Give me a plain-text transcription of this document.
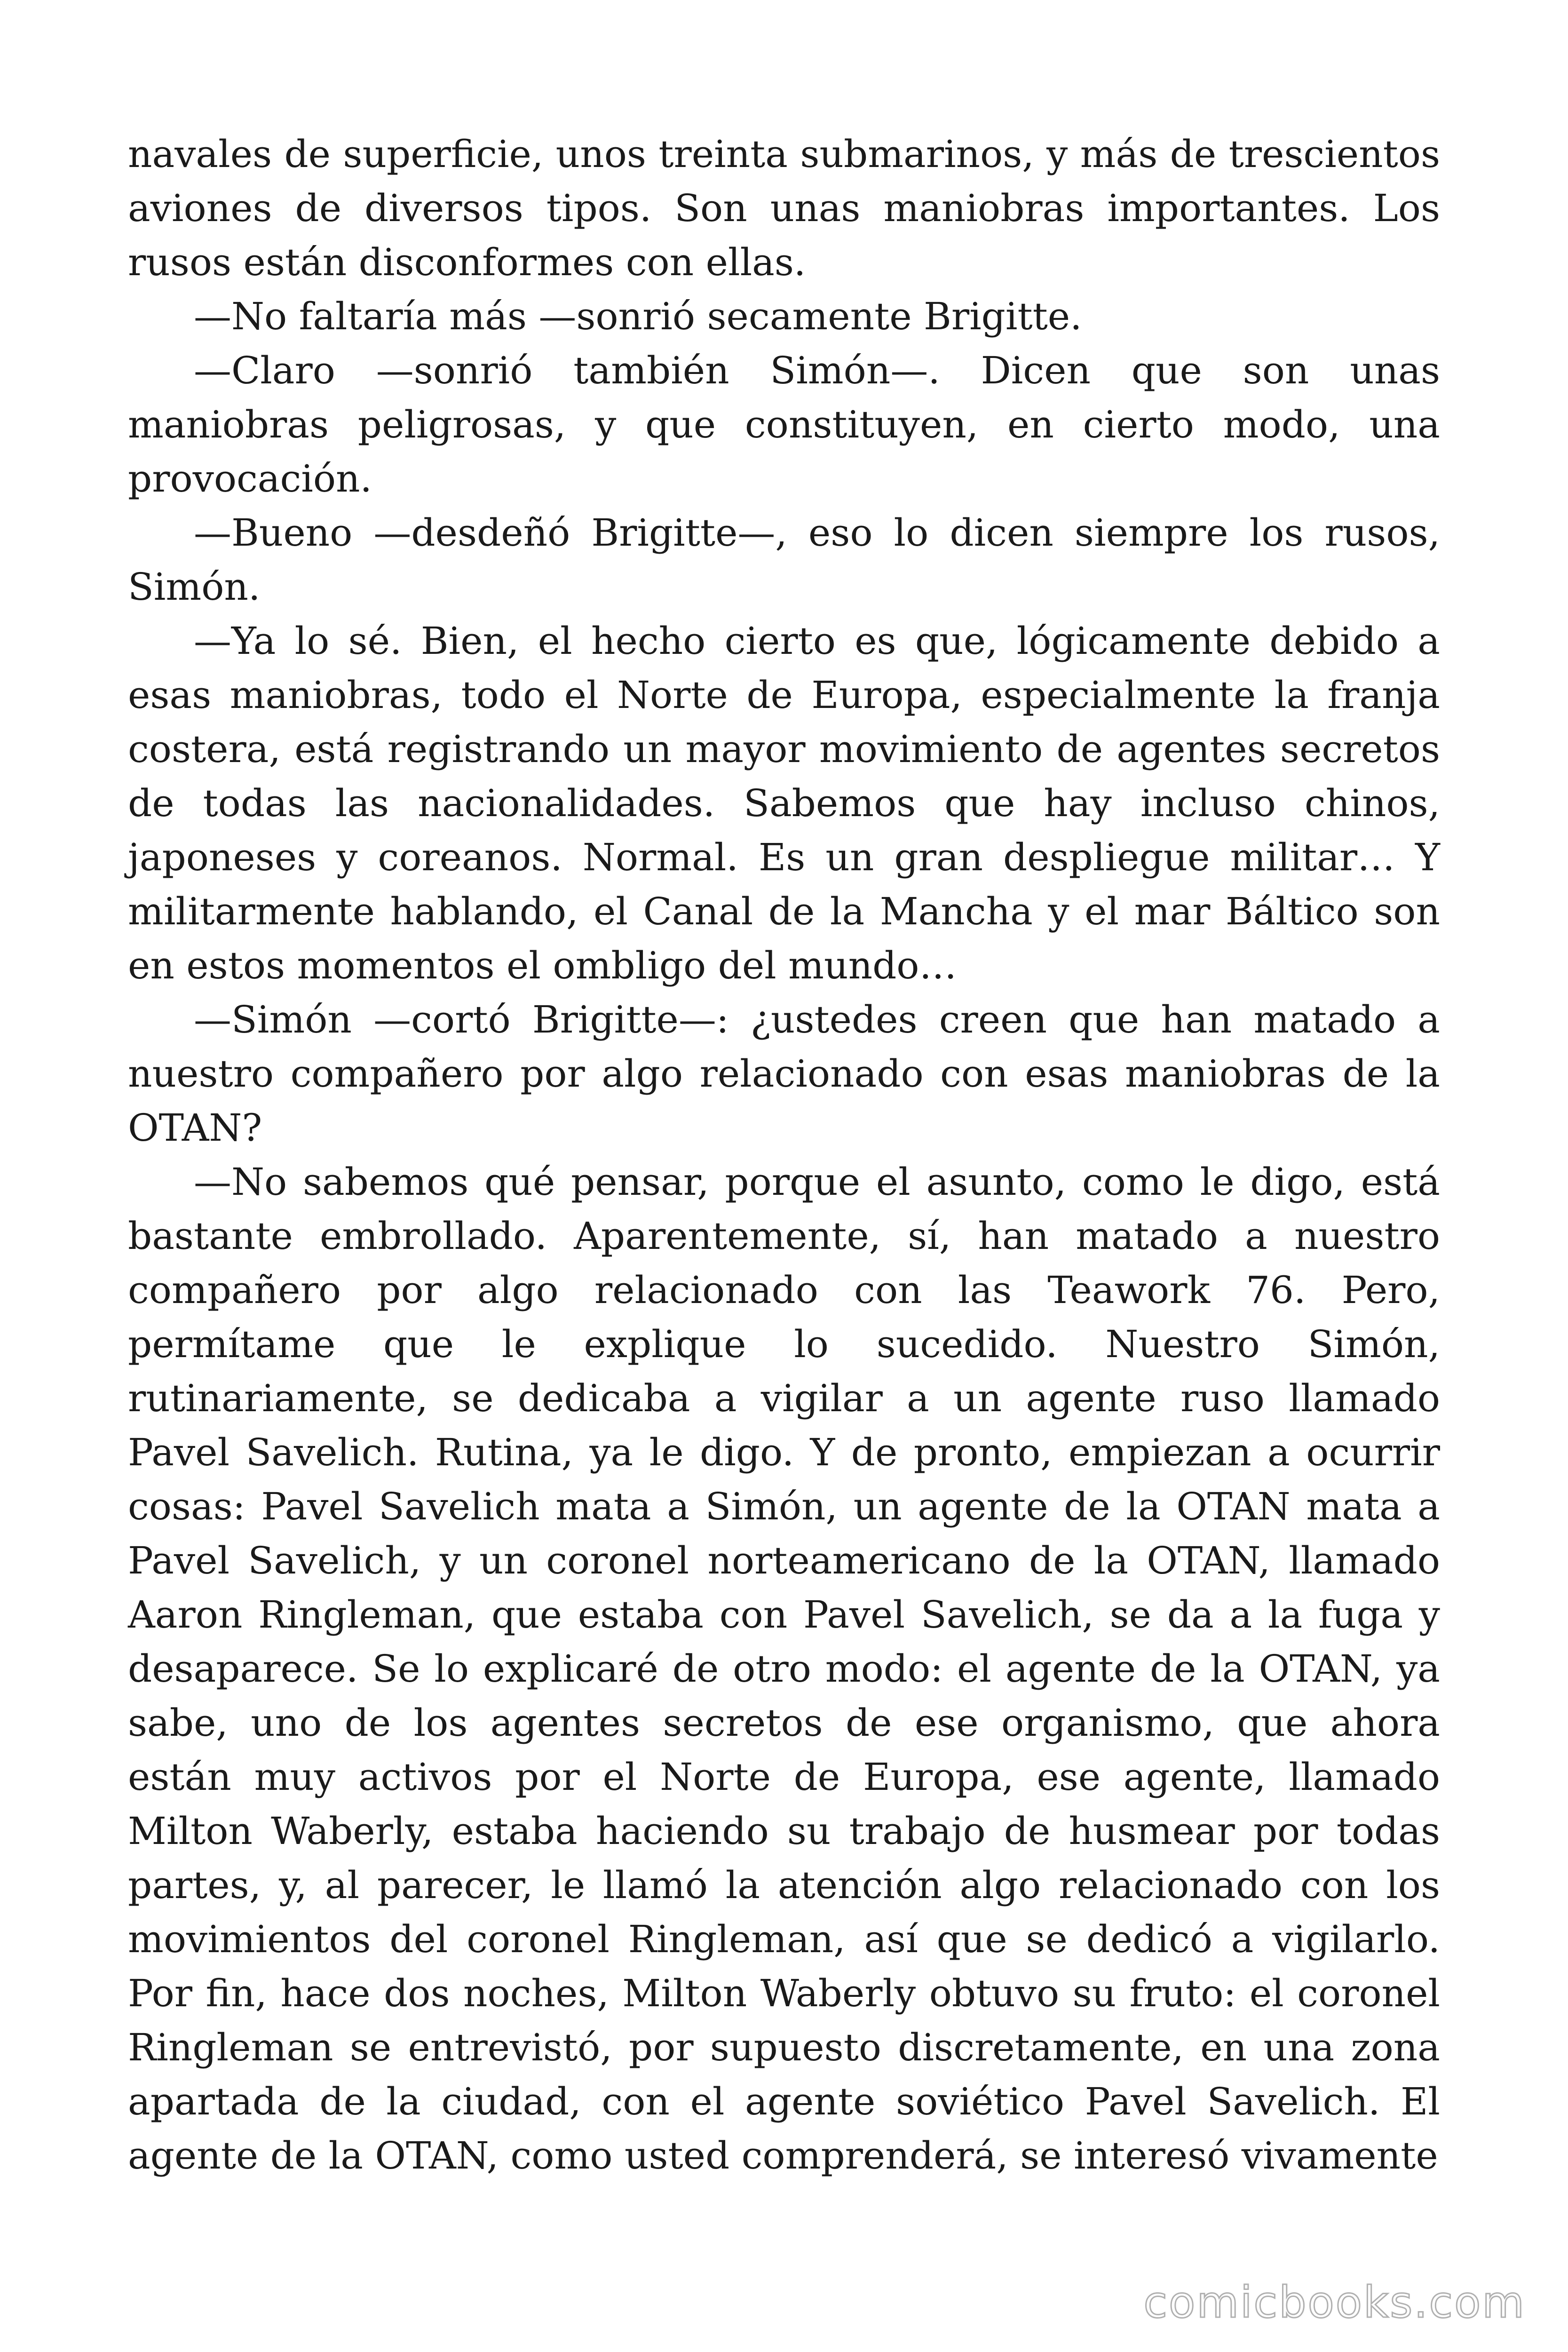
navales de superficie, unos treinta submarinos, y más de trescientos aviones de diversos tipos. Son unas maniobras importantes. Los rusos están disconformes con ellas.

—No faltaría más —sonrió secamente Brigitte.

—Claro —sonrió también Simón—. Dicen que son unas maniobras peligrosas, y que constituyen, en cierto modo, una provocación.

—Bueno —desdeñó Brigitte—, eso lo dicen siempre los rusos, Simón.

—Ya lo sé. Bien, el hecho cierto es que, lógicamente debido a esas maniobras, todo el Norte de Europa, especialmente la franja costera, está registrando un mayor movimiento de agentes secretos de todas las nacionalidades. Sabemos que hay incluso chinos, japoneses y coreanos. Normal. Es un gran despliegue militar… Y militarmente hablando, el Canal de la Mancha y el mar Báltico son en estos momentos el ombligo del mundo…

—Simón —cortó Brigitte—: ¿ustedes creen que han matado a nuestro compañero por algo relacionado con esas maniobras de la OTAN?

—No sabemos qué pensar, porque el asunto, como le digo, está bastante embrollado. Aparentemente, sí, han matado a nuestro compañero por algo relacionado con las Teawork 76. Pero, permítame que le explique lo sucedido. Nuestro Simón, rutinariamente, se dedicaba a vigilar a un agente ruso llamado Pavel Savelich. Rutina, ya le digo. Y de pronto, empiezan a ocurrir cosas: Pavel Savelich mata a Simón, un agente de la OTAN mata a Pavel Savelich, y un coronel norteamericano de la OTAN, llamado Aaron Ringleman, que estaba con Pavel Savelich, se da a la fuga y desaparece. Se lo explicaré de otro modo: el agente de la OTAN, ya sabe, uno de los agentes secretos de ese organismo, que ahora están muy activos por el Norte de Europa, ese agente, llamado Milton Waberly, estaba haciendo su trabajo de husmear por todas partes, y, al parecer, le llamó la atención algo relacionado con los movimientos del coronel Ringleman, así que se dedicó a vigilarlo. Por fin, hace dos noches, Milton Waberly obtuvo su fruto: el coronel Ringleman se entrevistó, por supuesto discretamente, en una zona apartada de la ciudad, con el agente soviético Pavel Savelich. El agente de la OTAN, como usted comprenderá, se interesó vivamente

comicbooks.com
